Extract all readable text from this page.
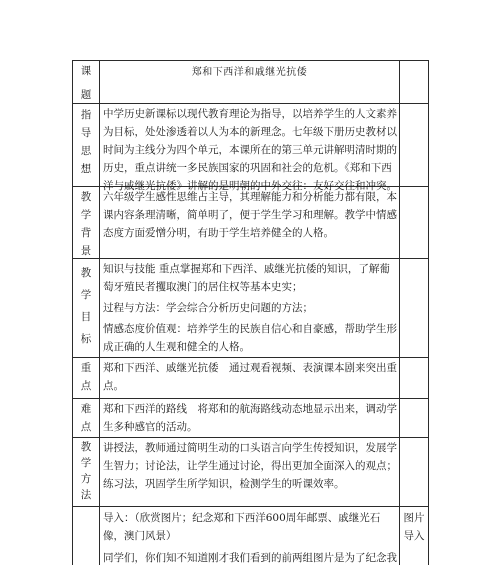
课
题
郑和下西洋和戚继光抗倭
指
导
思
想

中学历史新课标以现代教育理论为指导，以培养学生的人文素养为目标，处处渗透着以人为本的新理念。七年级下册历史教材以时间为主线分为四个单元，本课所在的第三单元讲解明清时期的历史，重点讲统一多民族国家的巩固和社会的危机。《郑和下西洋与戚继光抗倭》讲解的是明朝的中外交往：友好交往和冲突。

教
学
背
景

六年级学生感性思维占主导，其理解能力和分析能力都有限，本课内容条理清晰，简单明了，便于学生学习和理解。教学中情感态度方面爱憎分明，有助于学生培养健全的人格。

教
学
目
标

知识与技能 重点掌握郑和下西洋、戚继光抗倭的知识，了解葡萄牙殖民者攫取澳门的居住权等基本史实；

过程与方法：学会综合分析历史问题的方法；

情感态度价值观：培养学生的民族自信心和自豪感，帮助学生形成正确的人生观和健全的人格。

重
点

郑和下西洋、戚继光抗倭　通过观看视频、表演课本剧来突出重点。

难
点

郑和下西洋的路线　将郑和的航海路线动态地显示出来，调动学生多种感官的活动。

教
学
方
法

讲授法，教师通过简明生动的口头语言向学生传授知识，发展学生智力；讨论法，让学生通过讨论，得出更加全面深入的观点；练习法，巩固学生所学知识，检测学生的听课效率。

导入：（欣赏图片；纪念郑和下西洋600周年邮票、戚继光石像，澳门风景）

同学们，你们知不知道刚才我们看到的前两组图片是为了纪念我

图片
导入
